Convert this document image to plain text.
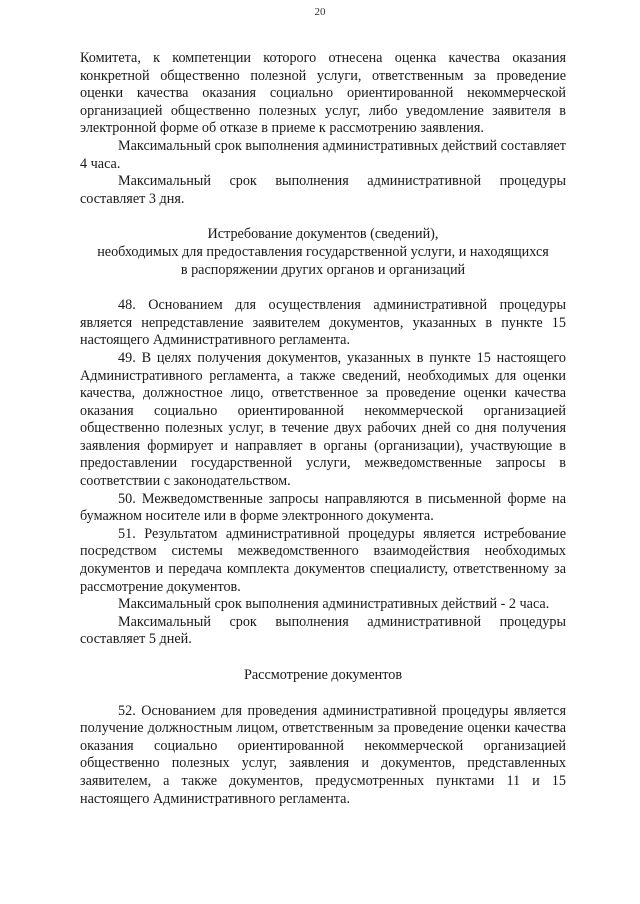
20

Комитета, к компетенции которого отнесена оценка качества оказания конкретной общественно полезной услуги, ответственным за проведение оценки качества оказания социально ориентированной некоммерческой организацией общественно полезных услуг, либо уведомление заявителя в электронной форме об отказе в приеме к рассмотрению заявления.

Максимальный срок выполнения административных действий составляет 4 часа.

Максимальный срок выполнения административной процедуры составляет 3 дня.

Истребование документов (сведений),

необходимых для предоставления государственной услуги, и находящихся

в распоряжении других органов и организаций

48. Основанием для осуществления административной процедуры является непредставление заявителем документов, указанных в пункте 15 настоящего Административного регламента.

49. В целях получения документов, указанных в пункте 15 настоящего Административного регламента, а также сведений, необходимых для оценки качества, должностное лицо, ответственное за проведение оценки качества оказания социально ориентированной некоммерческой организацией общественно полезных услуг, в течение двух рабочих дней со дня получения заявления формирует и направляет в органы (организации), участвующие в предоставлении государственной услуги, межведомственные запросы в соответствии с законодательством.

50. Межведомственные запросы направляются в письменной форме на бумажном носителе или в форме электронного документа.

51. Результатом административной процедуры является истребование посредством системы межведомственного взаимодействия необходимых документов и передача комплекта документов специалисту, ответственному за рассмотрение документов.

Максимальный срок выполнения административных действий - 2 часа.

Максимальный срок выполнения административной процедуры составляет 5 дней.

Рассмотрение документов

52. Основанием для проведения административной процедуры является получение должностным лицом, ответственным за проведение оценки качества оказания социально ориентированной некоммерческой организацией общественно полезных услуг, заявления и документов, представленных заявителем, а также документов, предусмотренных пунктами 11 и 15 настоящего Административного регламента.
